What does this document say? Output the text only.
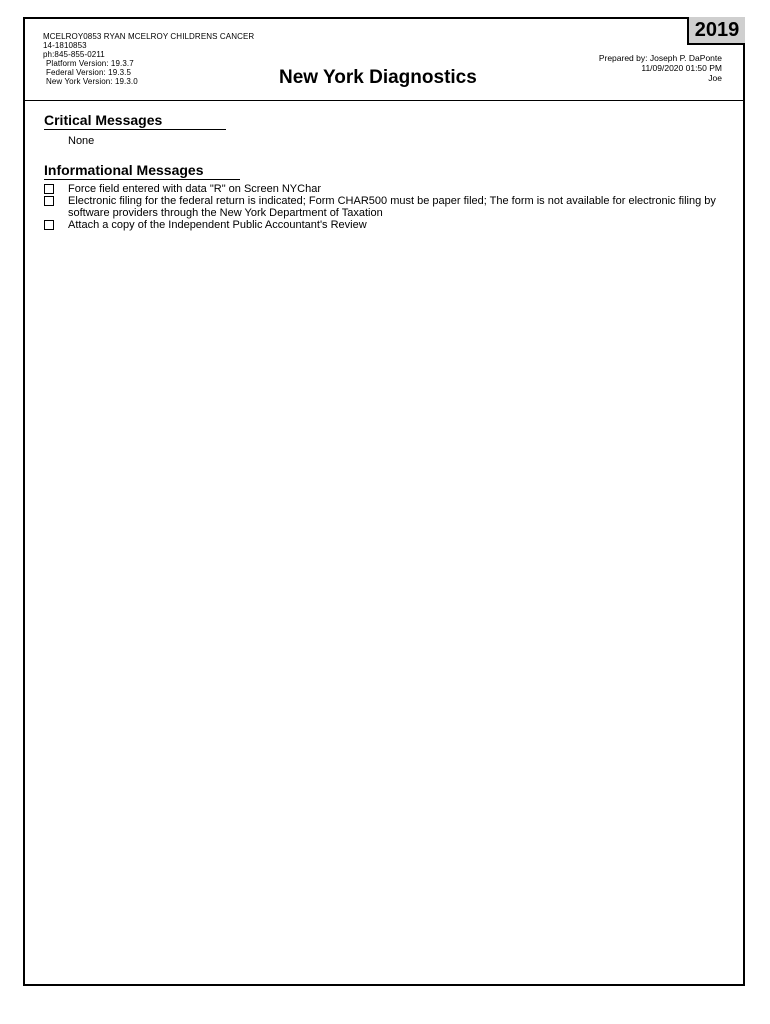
MCELROY0853 RYAN MCELROY CHILDRENS CANCER
14-1810853
ph:845-855-0211
Platform Version: 19.3.7
Federal Version: 19.3.5
New York Version: 19.3.0	New York Diagnostics
2019
Prepared by: Joseph P. DaPonte
11/09/2020 01:50 PM
Joe
Critical Messages
None
Informational Messages
Force field entered with data "R" on Screen NYChar
Electronic filing for the federal return is indicated; Form CHAR500 must be paper filed; The form is not available for electronic filing by software providers through the New York Department of Taxation
Attach a copy of the Independent Public Accountant's Review
